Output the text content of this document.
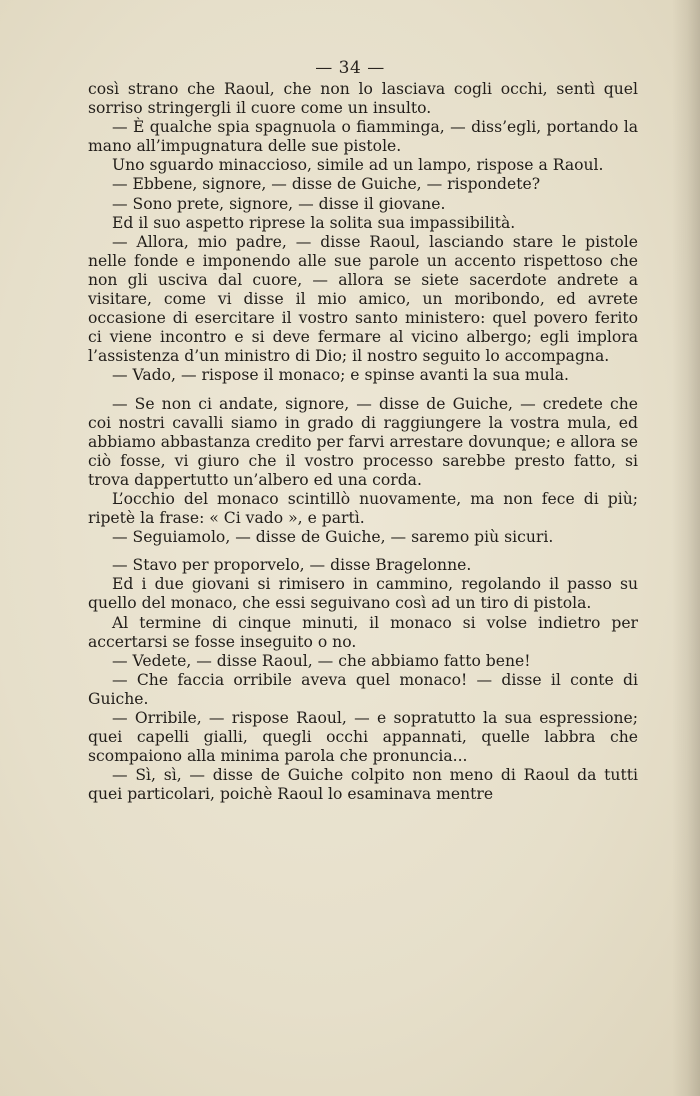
— 34 —

così strano che Raoul, che non lo lasciava cogli occhi, sentì quel sorriso stringergli il cuore come un insulto.

— È qualche spia spagnuola o fiamminga, — diss’egli, portando la mano all’impugnatura delle sue pistole.

Uno sguardo minaccioso, simile ad un lampo, rispose a Raoul.

— Ebbene, signore, — disse de Guiche, — rispondete?

— Sono prete, signore, — disse il giovane.

Ed il suo aspetto riprese la solita sua impassibilità.

— Allora, mio padre, — disse Raoul, lasciando stare le pistole nelle fonde e imponendo alle sue parole un accento rispettoso che non gli usciva dal cuore, — allora se siete sacerdote andrete a visitare, come vi disse il mio amico, un moribondo, ed avrete occasione di esercitare il vostro santo ministero: quel povero ferito ci viene incontro e si deve fermare al vicino albergo; egli implora l’assistenza d’un ministro di Dio; il nostro seguito lo accompagna.

— Vado, — rispose il monaco; e spinse avanti la sua mula.

— Se non ci andate, signore, — disse de Guiche, — credete che coi nostri cavalli siamo in grado di raggiungere la vostra mula, ed abbiamo abbastanza credito per farvi arrestare dovunque; e allora se ciò fosse, vi giuro che il vostro processo sarebbe presto fatto, si trova dappertutto un’albero ed una corda.

L’occhio del monaco scintillò nuovamente, ma non fece di più; ripetè la frase: « Ci vado », e partì.

— Seguiamolo, — disse de Guiche, — saremo più sicuri.

— Stavo per proporvelo, — disse Bragelonne.

Ed i due giovani si rimisero in cammino, regolando il passo su quello del monaco, che essi seguivano così ad un tiro di pistola.

Al termine di cinque minuti, il monaco si volse indietro per accertarsi se fosse inseguito o no.

— Vedete, — disse Raoul, — che abbiamo fatto bene!

— Che faccia orribile aveva quel monaco! — disse il conte di Guiche.

— Orribile, — rispose Raoul, — e sopratutto la sua espressione; quei capelli gialli, quegli occhi appannati, quelle labbra che scompaiono alla minima parola che pronuncia...

— Sì, sì, — disse de Guiche colpito non meno di Raoul da tutti quei particolari, poichè Raoul lo esaminava mentre
